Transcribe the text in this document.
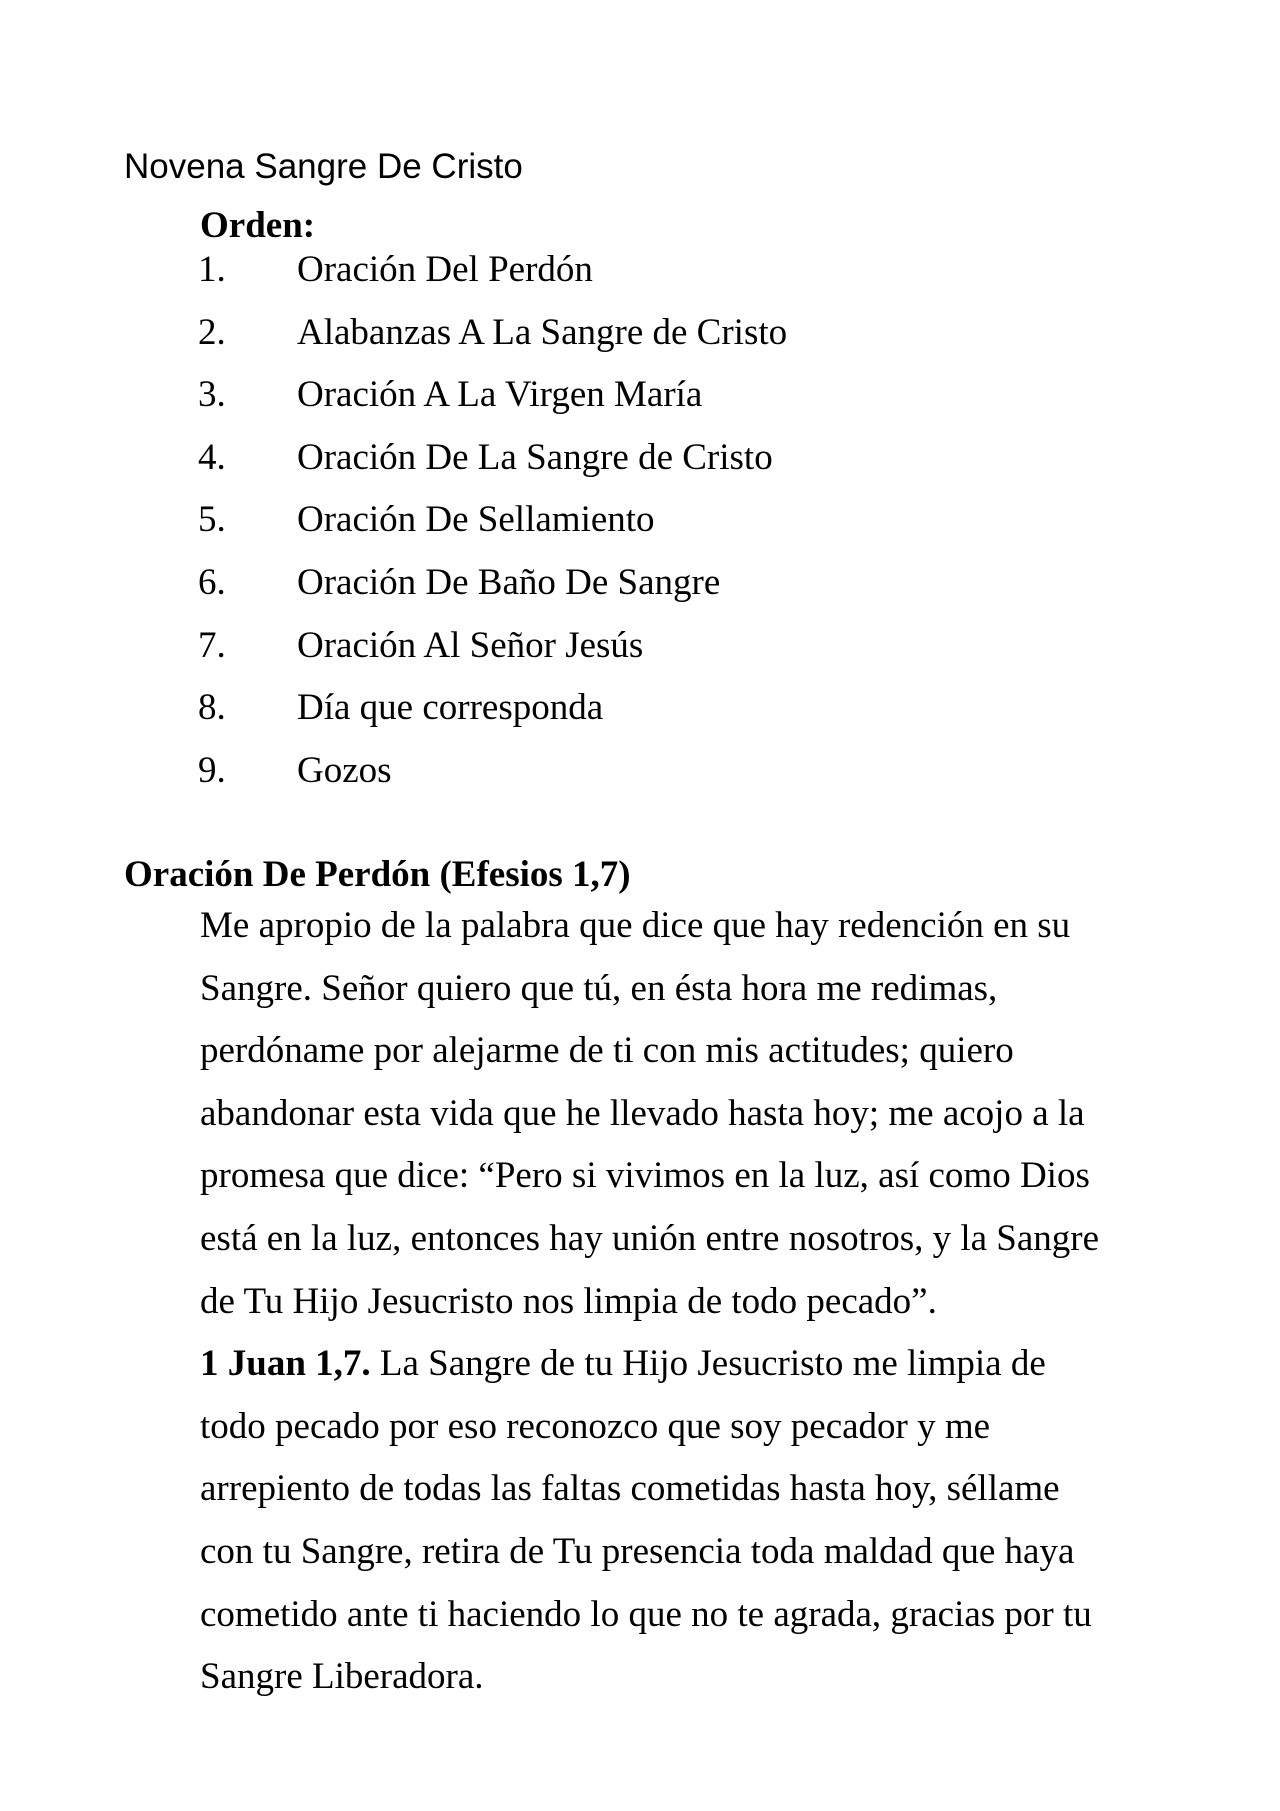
Novena Sangre De Cristo
Orden:
1. Oración Del Perdón
2. Alabanzas A La Sangre de Cristo
3. Oración A La Virgen María
4. Oración De La Sangre de Cristo
5. Oración De Sellamiento
6. Oración De Baño De Sangre
7. Oración Al Señor Jesús
8. Día que corresponda
9. Gozos
Oración De Perdón (Efesios 1,7)

Me apropio de la palabra que dice que hay redención en su
Sangre. Señor quiero que tú, en ésta hora me redimas,
perdóname por alejarme de ti con mis actitudes; quiero
abandonar esta vida que he llevado hasta hoy; me acojo a la
promesa que dice: “Pero si vivimos en la luz, así como Dios
está en la luz, entonces hay unión entre nosotros, y la Sangre
de Tu Hijo Jesucristo nos limpia de todo pecado”.
1 Juan 1,7. La Sangre de tu Hijo Jesucristo me limpia de
todo pecado por eso reconozco que soy pecador y me
arrepiento de todas las faltas cometidas hasta hoy, séllame
con tu Sangre, retira de Tu presencia toda maldad que haya
cometido ante ti haciendo lo que no te agrada, gracias por tu
Sangre Liberadora.
